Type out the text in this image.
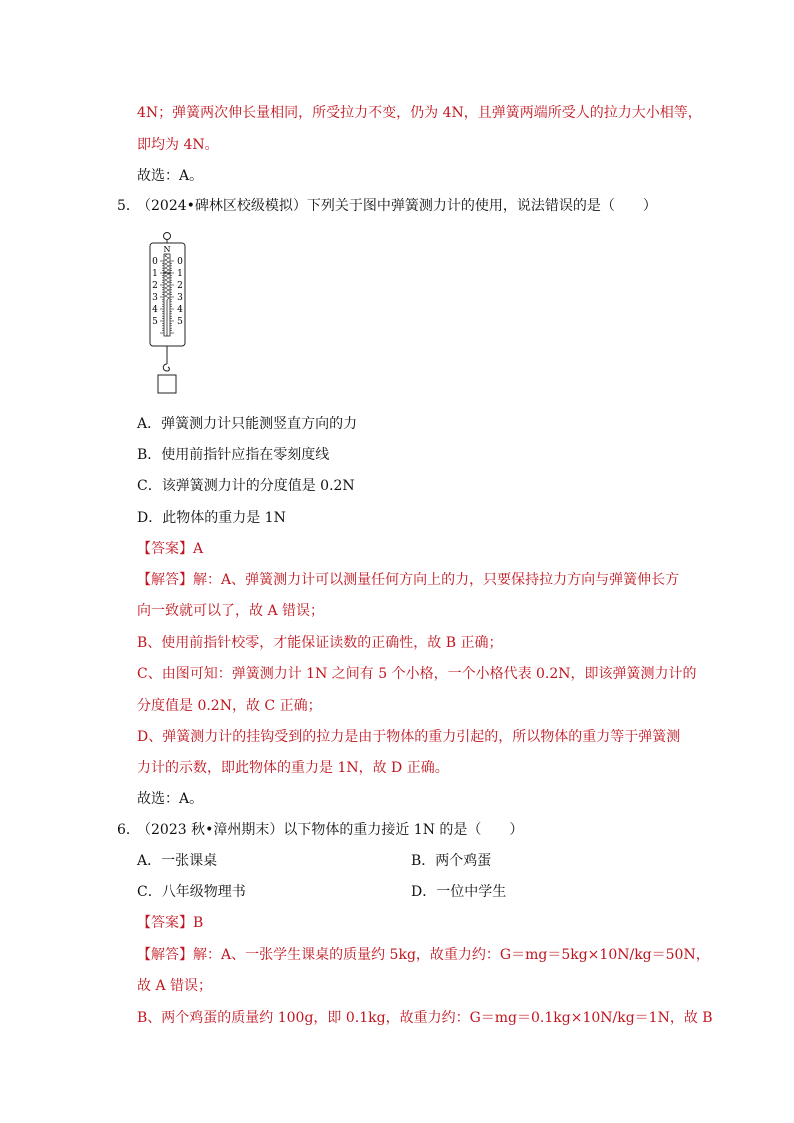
4N；弹簧两次伸长量相同，所受拉力不变，仍为 4N，且弹簧两端所受人的拉力大小相等，
即均为 4N。
故选：A。
5．
（2024•碑林区校级模拟）下列关于图中弹簧测力计的使用，说法错误的是（　　）
N
0
1
2
3
4
5
0
1
2
3
4
5
A．弹簧测力计只能测竖直方向的力
B．使用前指针应指在零刻度线
C．该弹簧测力计的分度值是 0.2N
D．此物体的重力是 1N
【答案】A
【解答】解：A、弹簧测力计可以测量任何方向上的力，只要保持拉力方向与弹簧伸长方
向一致就可以了，故 A 错误；
B、使用前指针校零，才能保证读数的正确性，故 B 正确；
C、由图可知：弹簧测力计 1N 之间有 5 个小格，一个小格代表 0.2N，即该弹簧测力计的
分度值是 0.2N，故 C 正确；
D、弹簧测力计的挂钩受到的拉力是由于物体的重力引起的，所以物体的重力等于弹簧测
力计的示数，即此物体的重力是 1N，故 D 正确。
故选：A。
6．
（2023 秋•漳州期末）以下物体的重力接近 1N 的是（　　）
A．一张课桌	B．两个鸡蛋
C．八年级物理书	D．一位中学生
【答案】B
【解答】解：A、一张学生课桌的质量约 5kg，故重力约：G＝mg＝5kg×10N/kg＝50N，
故 A 错误；
B、两个鸡蛋的质量约 100g，即 0.1kg，故重力约：G＝mg＝0.1kg×10N/kg＝1N，故 B
